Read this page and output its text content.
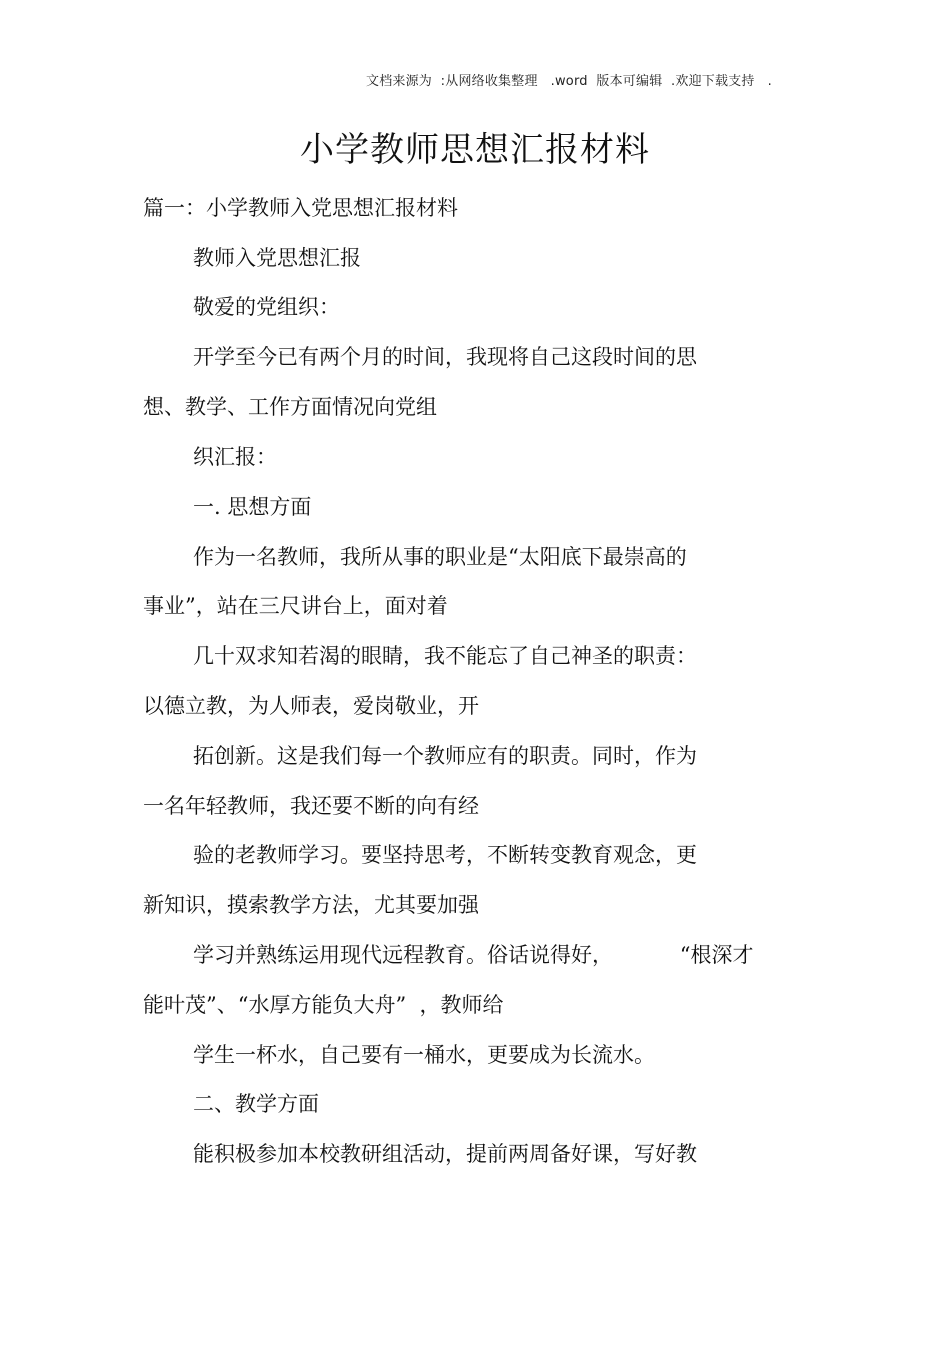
文档来源为  :从网络收集整理   .word  版本可编辑  .欢迎下载支持   .
小学教师思想汇报材料
篇一：小学教师入党思想汇报材料
教师入党思想汇报
敬爱的党组织：
开学至今已有两个月的时间，我现将自己这段时间的思
想、教学、工作方面情况向党组
织汇报：
一. 思想方面
作为一名教师，我所从事的职业是“太阳底下最崇高的
事业”，站在三尺讲台上，面对着
几十双求知若渴的眼睛，我不能忘了自己神圣的职责：
以德立教，为人师表，爱岗敬业，开
拓创新。这是我们每一个教师应有的职责。同时，作为
一名年轻教师，我还要不断的向有经
验的老教师学习。要坚持思考，不断转变教育观念，更
新知识，摸索教学方法，尤其要加强
学习并熟练运用现代远程教育。俗话说得好，          “根深才
能叶茂”、“水厚方能负大舟”  ，教师给
学生一杯水，自己要有一桶水，更要成为长流水。
二、教学方面
能积极参加本校教研组活动，提前两周备好课，写好教
